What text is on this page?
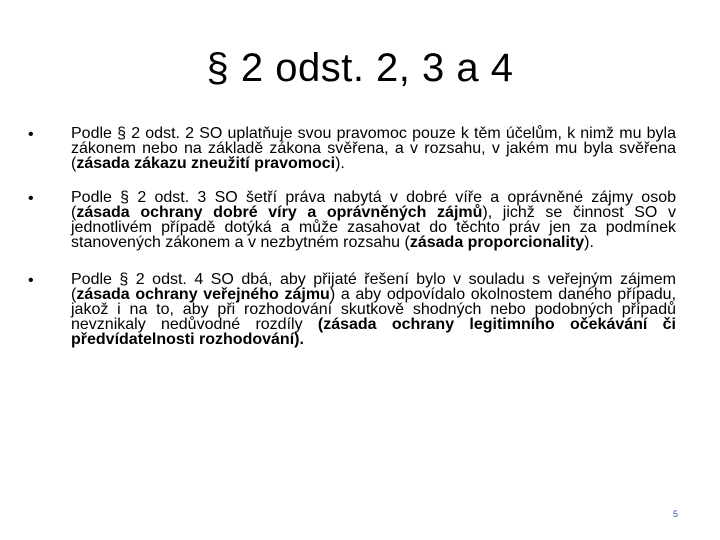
§ 2 odst. 2, 3 a 4
• Podle § 2 odst. 2 SO uplatňuje svou pravomoc pouze k těm účelům, k nimž mu byla zákonem nebo na základě zákona svěřena, a v rozsahu, v jakém mu byla svěřena (zásada zákazu zneužití pravomoci).
• Podle § 2 odst. 3 SO šetří práva nabytá v dobré víře a oprávněné zájmy osob (zásada ochrany dobré víry a oprávněných zájmů), jichž se činnost SO v jednotlivém případě dotýká a může zasahovat do těchto práv jen za podmínek stanovených zákonem a v nezbytném rozsahu (zásada proporcionality).
• Podle § 2 odst. 4 SO dbá, aby přijaté řešení bylo v souladu s veřejným zájmem (zásada ochrany veřejného zájmu) a aby odpovídalo okolnostem daného případu, jakož i na to, aby při rozhodování skutkově shodných nebo podobných případů nevznikaly nedůvodné rozdíly (zásada ochrany legitimního očekávání či předvídatelnosti rozhodování).
5
